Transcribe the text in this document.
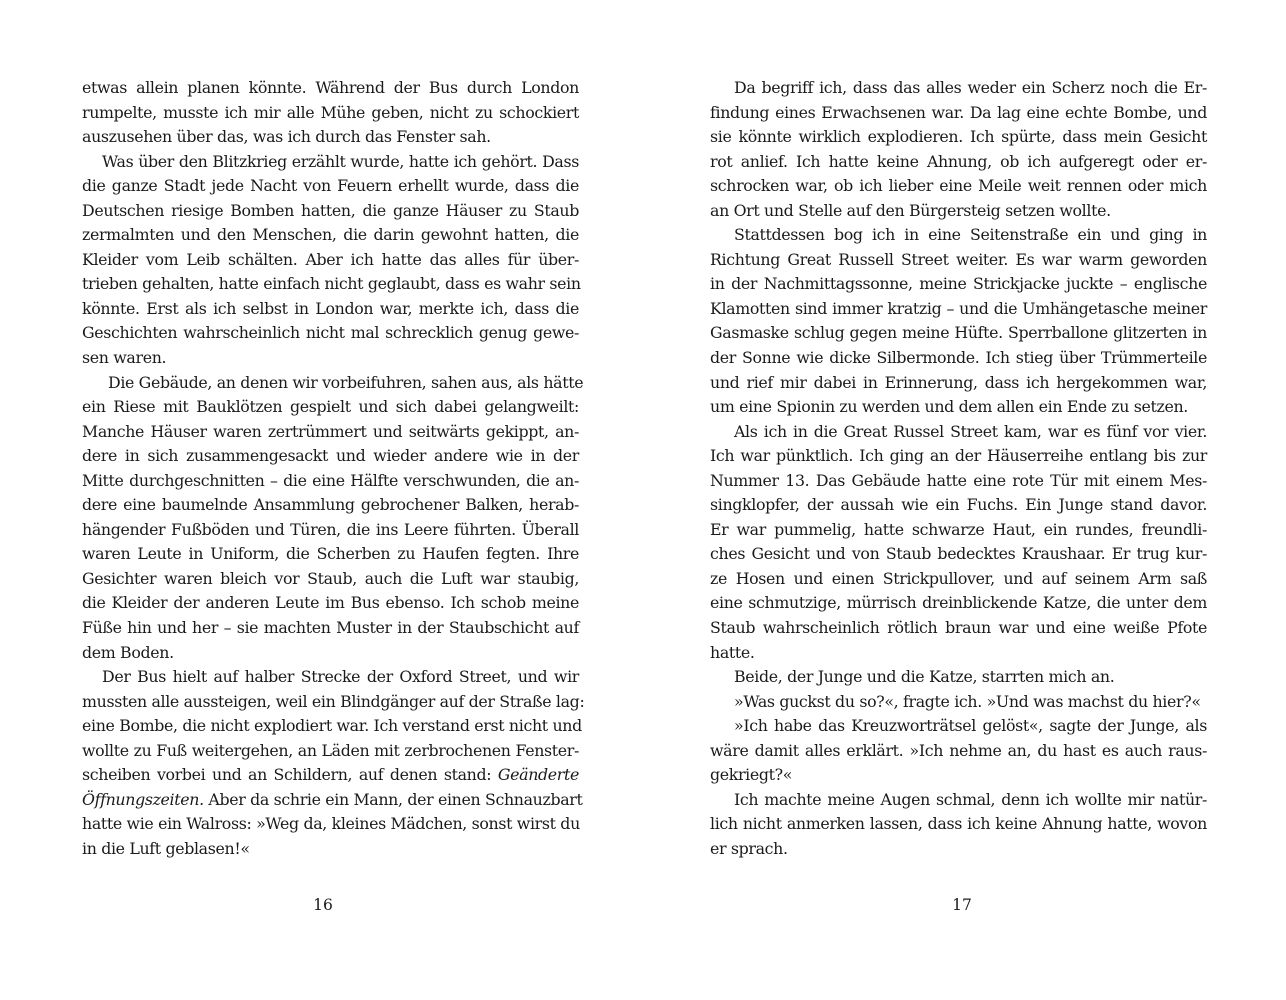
etwas allein planen könnte. Während der Bus durch London
rumpelte, musste ich mir alle Mühe geben, nicht zu schockiert
auszusehen über das, was ich durch das Fenster sah.
Was über den Blitzkrieg erzählt wurde, hatte ich gehört. Dass
die ganze Stadt jede Nacht von Feuern erhellt wurde, dass die
Deutschen riesige Bomben hatten, die ganze Häuser zu Staub
zermalmten und den Menschen, die darin gewohnt hatten, die
Kleider vom Leib schälten. Aber ich hatte das alles für über-
trieben gehalten, hatte einfach nicht geglaubt, dass es wahr sein
könnte. Erst als ich selbst in London war, merkte ich, dass die
Geschichten wahrscheinlich nicht mal schrecklich genug gewe-
sen waren.
Die Gebäude, an denen wir vorbeifuhren, sahen aus, als hätte
ein Riese mit Bauklötzen gespielt und sich dabei gelangweilt:
Manche Häuser waren zertrümmert und seitwärts gekippt, an-
dere in sich zusammengesackt und wieder andere wie in der
Mitte durchgeschnitten – die eine Hälfte verschwunden, die an-
dere eine baumelnde Ansammlung gebrochener Balken, herab-
hängender Fußböden und Türen, die ins Leere führten. Überall
waren Leute in Uniform, die Scherben zu Haufen fegten. Ihre
Gesichter waren bleich vor Staub, auch die Luft war staubig,
die Kleider der anderen Leute im Bus ebenso. Ich schob meine
Füße hin und her – sie machten Muster in der Staubschicht auf
dem Boden.
Der Bus hielt auf halber Strecke der Oxford Street, und wir
mussten alle aussteigen, weil ein Blindgänger auf der Straße lag:
eine Bombe, die nicht explodiert war. Ich verstand erst nicht und
wollte zu Fuß weitergehen, an Läden mit zerbrochenen Fenster-
scheiben vorbei und an Schildern, auf denen stand: Geänderte
Öffnungszeiten. Aber da schrie ein Mann, der einen Schnauzbart
hatte wie ein Walross: »Weg da, kleines Mädchen, sonst wirst du
in die Luft geblasen!«
Da begriff ich, dass das alles weder ein Scherz noch die Er-
findung eines Erwachsenen war. Da lag eine echte Bombe, und
sie könnte wirklich explodieren. Ich spürte, dass mein Gesicht
rot anlief. Ich hatte keine Ahnung, ob ich aufgeregt oder er-
schrocken war, ob ich lieber eine Meile weit rennen oder mich
an Ort und Stelle auf den Bürgersteig setzen wollte.
Stattdessen bog ich in eine Seitenstraße ein und ging in
Richtung Great Russell Street weiter. Es war warm geworden
in der Nachmittagssonne, meine Strickjacke juckte – englische
Klamotten sind immer kratzig – und die Umhängetasche meiner
Gasmaske schlug gegen meine Hüfte. Sperrballone glitzerten in
der Sonne wie dicke Silbermonde. Ich stieg über Trümmerteile
und rief mir dabei in Erinnerung, dass ich hergekommen war,
um eine Spionin zu werden und dem allen ein Ende zu setzen.
Als ich in die Great Russel Street kam, war es fünf vor vier.
Ich war pünktlich. Ich ging an der Häuserreihe entlang bis zur
Nummer 13. Das Gebäude hatte eine rote Tür mit einem Mes-
singklopfer, der aussah wie ein Fuchs. Ein Junge stand davor.
Er war pummelig, hatte schwarze Haut, ein rundes, freundli-
ches Gesicht und von Staub bedecktes Kraushaar. Er trug kur-
ze Hosen und einen Strickpullover, und auf seinem Arm saß
eine schmutzige, mürrisch dreinblickende Katze, die unter dem
Staub wahrscheinlich rötlich braun war und eine weiße Pfote
hatte.
Beide, der Junge und die Katze, starrten mich an.
»Was guckst du so?«, fragte ich. »Und was machst du hier?«
»Ich habe das Kreuzworträtsel gelöst«, sagte der Junge, als
wäre damit alles erklärt. »Ich nehme an, du hast es auch raus-
gekriegt?«
Ich machte meine Augen schmal, denn ich wollte mir natür-
lich nicht anmerken lassen, dass ich keine Ahnung hatte, wovon
er sprach.
16	17
